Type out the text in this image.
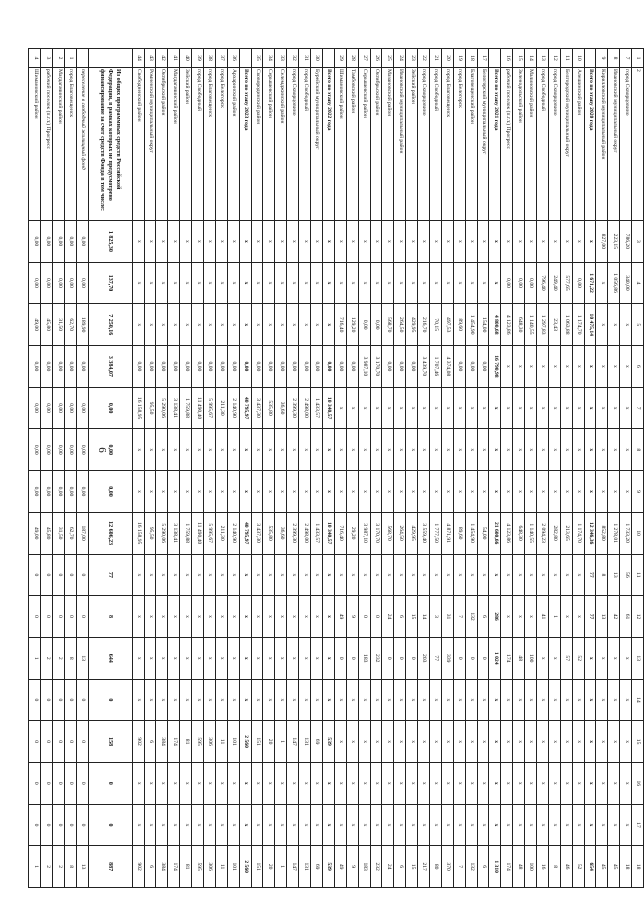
6
1	2	3	4	5	6	7	8	9	10	11	12	13	14	15	16	17	18
7	город Скворцовино	786,20	340,00	х	х	х	х	х	1 733,20	56	61	х	х	х	х	х	18
8	Ивановский муниципальный округ	223,15	1 056,86	х	х	х	х	х	1 278,01	13	42	х	х	х	х	х	45
9	Кирилловский муниципальный район	827,00	х	х	х	х	х	х	852,80	8	13	х	х	х	х	х	45
	Всего по этапу 2020 года	х	1 671,22	10 475,14	х	х	х	х	12 346,36	77	77	х	х	х	х	х	654
10	Алешинский район	х	0,00	1 174,70	х	х	х	х	1 174,70	х	х	52	х	х	х	х	52
11	Белгородский муниципальный округ	х	577,65	1 063,88	х	х	х	х	213,65	х	х	57	х	х	х	х	46
12	город Скворцовино	х	249,40	23,43	х	х	х	х	282,80	х	1	х	х	х	х	х	8
13	город Свободный	х	796,40	1 297,83	х	х	х	х	2 094,23	х	41	х	х	х	х	х	16
14	Малиновский район	х	0,00	1 140,55	х	х	х	х	1 140,55	х	х	100	х	х	х	х	100
15	Зеленодольский район	х	0,00	648,30	х	х	х	х	648,30	х	х	48	х	х	х	х	48
16	рабочий поселок (п.г.т.) Прогресс	х	0,00	4 123,86	х	х	х	х	4 123,86	х	х	174	х	х	х	х	174
	Всего по этапу 2021 года	х	х	4 800,68	16 790,98	х	х	х	21 600,66	х	286	1 024	х	х	х	х	1 310
17	Белогорский муниципальный округ	х	х	154,00	0,00	х	х	х	54,00	х	6	0	х	х	х	х	6
18	Благовещенский район	х	х	1 454,90	0,00	х	х	х	1 454,90	х	132	0	х	х	х	х	132
19	город Белогорск	х	х	89,60	0,00	х	х	х	89,60	х	7	0	х	х	х	х	7
20	город Благовещенск	х	х	497,53	4 374,08	х	х	х	4 871,91	х	31	339	х	х	х	х	370
21	город Свободный	х	х	70,15	1 707,46	х	х	х	1 777,50	х	3	77	х	х	х	х	80
22	город Скворцовино	х	х	216,70	3 439,70	х	х	х	3 559,40	х	14	203	х	х	х	х	217
23	Зейский район	х	х	429,95	0,00	х	х	х	429,95	х	15	0	х	х	х	х	15
24	Ивановский муниципальный район	х	х	264,50	0,00	х	х	х	264,50	х	6	0	х	х	х	х	6
25	Мазановский район	х	х	568,70	0,00	х	х	х	568,70	х	24	0	х	х	х	х	24
26	Октябрьский район	х	х	0,00	3 170,70	х	х	х	3 170,70	х	0	232	х	х	х	х	232
27	Серышевский район	х	х	0,00	3 987,10	х	х	х	3 987,10	х	0	183	х	х	х	х	183
28	Тамбовский район	х	х	129,20	0,00	х	х	х	29,20	х	9	0	х	х	х	х	9
29	Шимановский район	х	х	716,40	0,00	х	х	х	716,40	х	49	0	х	х	х	х	49
	Всего по этапу 2022 года	х	х	х	0,00	10 340,57	х	х	10 340,57	х	х	х	х	539	х	х	539
30	Бурейский муниципальный округ	х	х	х	0,00	1 433,57	х	х	1 433,57	х	х	х	х	69	х	х	69
31	город Свободный	х	х	х	0,00	2 498,00	х	х	2 498,00	х	х	х	х	131	х	х	131
32	город Скворцовино	х	х	х	0,00	2 399,30	х	х	2 399,30	х	х	х	х	147	х	х	147
33	Селемджинский район	х	х	х	0,00	36,60	х	х	36,60	х	х	х	х	1	х	х	1
34	Серышевский район	х	х	х	0,00	535,80	х	х	535,80	х	х	х	х	20	х	х	20
35	Сковородинский район	х	х	х	0,00	3 437,30	х	х	3 437,30	х	х	х	х	151	х	х	151
	Всего по этапу 2023 года	х	х	х	0,00	40 795,97	х	х	40 795,97	х	х	х	х	2 560	х	х	2 560
36	Архаринский район	х	х	х	0,00	2 140,90	х	х	2 140,90	х	х	х	х	101	х	х	101
37	город Белогорск	х	х	х	0,00	211,30	х	х	211,30	х	х	х	х	11	х	х	11
38	город Благовещенск	х	х	х	0,00	5 995,67	х	х	5 995,67	х	х	х	х	306	х	х	306
39	город Свободный	х	х	х	0,00	11 490,40	х	х	11 490,40	х	х	х	х	595	х	х	595
40	Зейский район	х	х	х	0,00	1 759,88	х	х	1 759,88	х	х	х	х	81	х	х	81
41	Магдагачинский район	х	х	х	0,00	3 138,41	х	х	3 138,41	х	х	х	х	174	х	х	174
42	Октябрьский район	х	х	х	0,00	5 290,06	х	х	5 290,06	х	х	х	х	384	х	х	384
43	Ромненский муниципальный округ	х	х	х	0,00	95,50	х	х	95,50	х	х	х	х	6	х	х	6
44	Свободненский район	х	х	х	0,00	16 158,95	х	х	16 158,95	х	х	х	х	902	х	х	902
	Из общих программных средств Российской Федерации, в рамках которых не предусмотрено финансирование за счет средств Фонда в том числе:	1 825,30	137,70	7 250,16	3 384,07	0,00	0,00	0,00	12 606,23	77	8	644	0	158	0	0	887
	переселение в свободный жилищный фонд	0,00	0,00	189,90	0,00	0,00	0,00	0,00	187,00	0	0	13	0	0	0	0	13
1	город Благовещенск	0,00	0,00	62,70	0,00	0,00	0,00	0,00	62,70	0	0	8	0	0	0	0	8
2	Магдагачинский район	0,00	0,00	31,50	0,00	0,00	0,00	0,00	31,50	0	0	2	0	0	0	0	2
3	рабочий поселок (п.г.т.) Прогресс	0,00	0,00	45,80	0,00	0,00	0,00	0,00	45,80	0	0	2	0	0	0	0	2
4	Шимановский район	0,00	0,00	49,00	0,00	0,00	0,00	0,00	49,00	0	0	1	0	0	0	0	1
